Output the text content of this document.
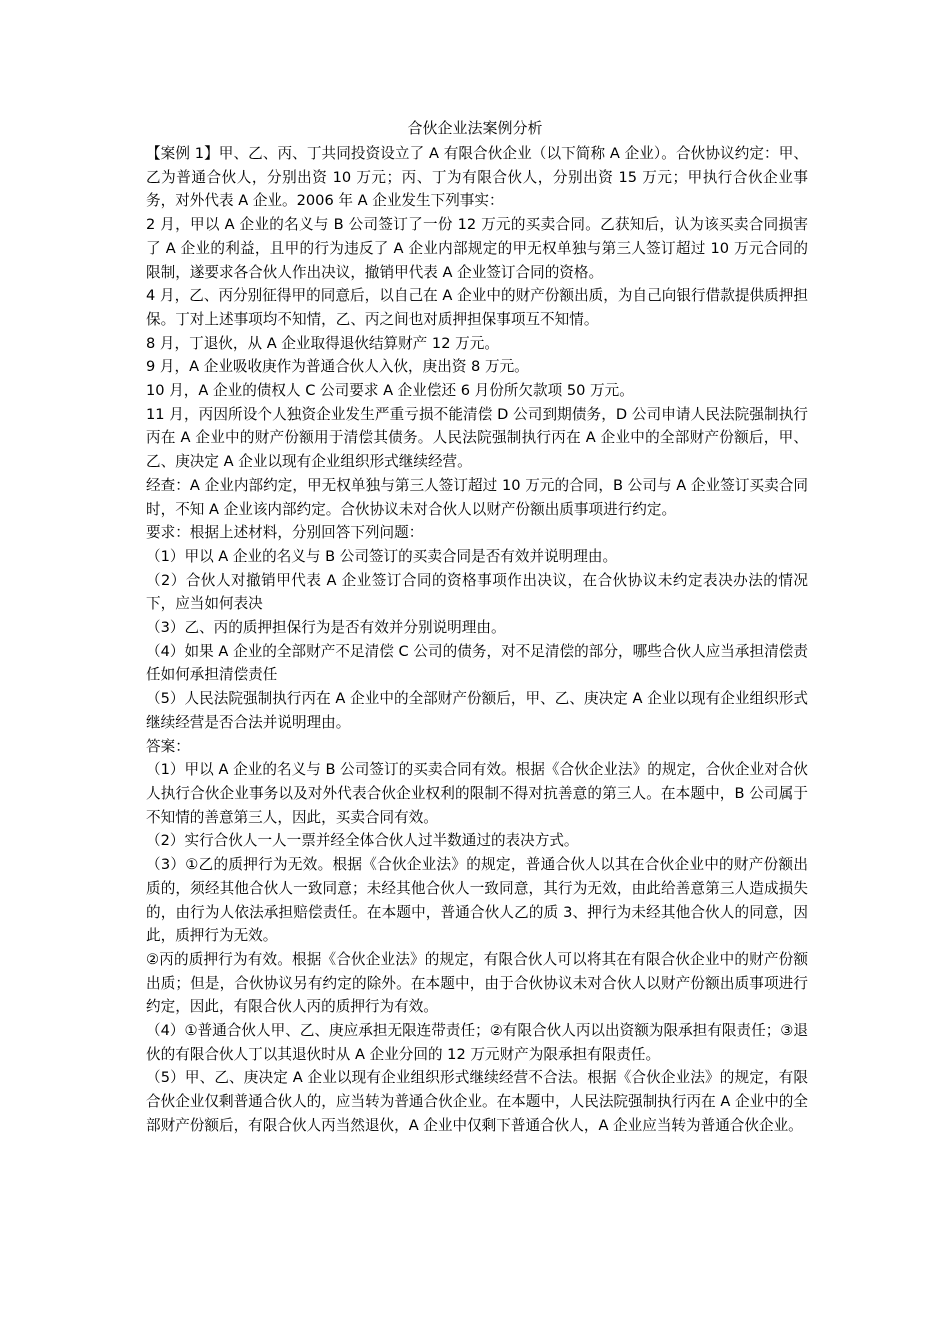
合伙企业法案例分析

【案例 1】甲、乙、丙、丁共同投资设立了 A 有限合伙企业（以下简称 A 企业）。合伙协议约定：甲、乙为普通合伙人，分别出资 10 万元；丙、丁为有限合伙人，分别出资 15 万元；甲执行合伙企业事务，对外代表 A 企业。2006 年 A 企业发生下列事实：

2 月，甲以 A 企业的名义与 B 公司签订了一份 12 万元的买卖合同。乙获知后，认为该买卖合同损害了 A 企业的利益，且甲的行为违反了 A 企业内部规定的甲无权单独与第三人签订超过 10 万元合同的限制，遂要求各合伙人作出决议，撤销甲代表 A 企业签订合同的资格。

4 月，乙、丙分别征得甲的同意后，以自己在 A 企业中的财产份额出质，为自己向银行借款提供质押担保。丁对上述事项均不知情，乙、丙之间也对质押担保事项互不知情。

8 月，丁退伙，从 A 企业取得退伙结算财产 12 万元。

9 月，A 企业吸收庚作为普通合伙人入伙，庚出资 8 万元。

10 月，A 企业的债权人 C 公司要求 A 企业偿还 6 月份所欠款项 50 万元。

11 月，丙因所设个人独资企业发生严重亏损不能清偿 D 公司到期债务，D 公司申请人民法院强制执行丙在 A 企业中的财产份额用于清偿其债务。人民法院强制执行丙在 A 企业中的全部财产份额后，甲、乙、庚决定 A 企业以现有企业组织形式继续经营。

经查：A 企业内部约定，甲无权单独与第三人签订超过 10 万元的合同，B 公司与 A 企业签订买卖合同时，不知 A 企业该内部约定。合伙协议未对合伙人以财产份额出质事项进行约定。

要求：根据上述材料，分别回答下列问题：

（1）甲以 A 企业的名义与 B 公司签订的买卖合同是否有效并说明理由。

（2）合伙人对撤销甲代表 A 企业签订合同的资格事项作出决议，在合伙协议未约定表决办法的情况下，应当如何表决

（3）乙、丙的质押担保行为是否有效并分别说明理由。

（4）如果 A 企业的全部财产不足清偿 C 公司的债务，对不足清偿的部分，哪些合伙人应当承担清偿责任如何承担清偿责任

（5）人民法院强制执行丙在 A 企业中的全部财产份额后，甲、乙、庚决定 A 企业以现有企业组织形式继续经营是否合法并说明理由。

答案：

（1）甲以 A 企业的名义与 B 公司签订的买卖合同有效。根据《合伙企业法》的规定，合伙企业对合伙人执行合伙企业事务以及对外代表合伙企业权利的限制不得对抗善意的第三人。在本题中，B 公司属于不知情的善意第三人，因此，买卖合同有效。

（2）实行合伙人一人一票并经全体合伙人过半数通过的表决方式。

（3）①乙的质押行为无效。根据《合伙企业法》的规定，普通合伙人以其在合伙企业中的财产份额出质的，须经其他合伙人一致同意；未经其他合伙人一致同意，其行为无效，由此给善意第三人造成损失的，由行为人依法承担赔偿责任。在本题中，普通合伙人乙的质 3、押行为未经其他合伙人的同意，因此，质押行为无效。

②丙的质押行为有效。根据《合伙企业法》的规定，有限合伙人可以将其在有限合伙企业中的财产份额出质；但是，合伙协议另有约定的除外。在本题中，由于合伙协议未对合伙人以财产份额出质事项进行约定，因此，有限合伙人丙的质押行为有效。

（4）①普通合伙人甲、乙、庚应承担无限连带责任；②有限合伙人丙以出资额为限承担有限责任；③退伙的有限合伙人丁以其退伙时从 A 企业分回的 12 万元财产为限承担有限责任。

（5）甲、乙、庚决定 A 企业以现有企业组织形式继续经营不合法。根据《合伙企业法》的规定，有限合伙企业仅剩普通合伙人的，应当转为普通合伙企业。在本题中，人民法院强制执行丙在 A 企业中的全部财产份额后，有限合伙人丙当然退伙，A 企业中仅剩下普通合伙人，A 企业应当转为普通合伙企业。
